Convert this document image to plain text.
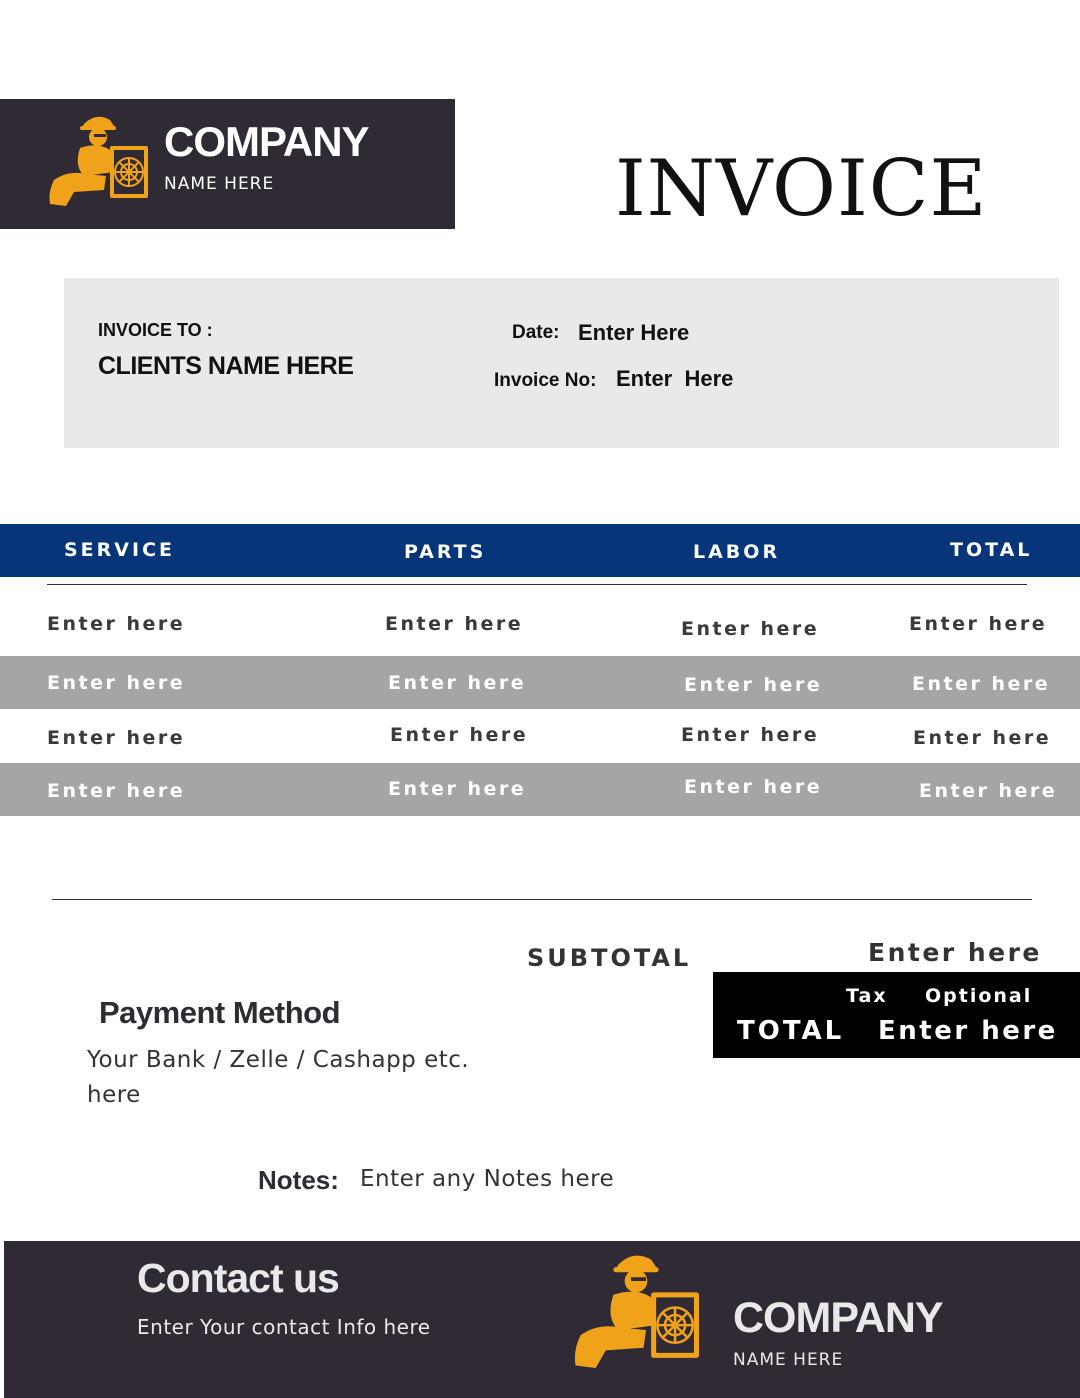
COMPANY
NAME HERE	INVOICE
INVOICE TO :
CLIENTS NAME HERE
Date: Enter Here
Invoice No: Enter  Here
SERVICE	PARTS	LABOR	TOTAL
Enter here	Enter here	Enter here	Enter here
Enter here	Enter here	Enter here	Enter here
Enter here	Enter here	Enter here	Enter here
Enter here	Enter here	Enter here	Enter here
SUBTOTAL	Enter here
Tax Optional
TOTAL Enter here
Payment Method
Your Bank / Zelle / Cashapp etc. here
Notes: Enter any Notes here
Contact us
Enter Your contact Info here	COMPANY
NAME HERE
